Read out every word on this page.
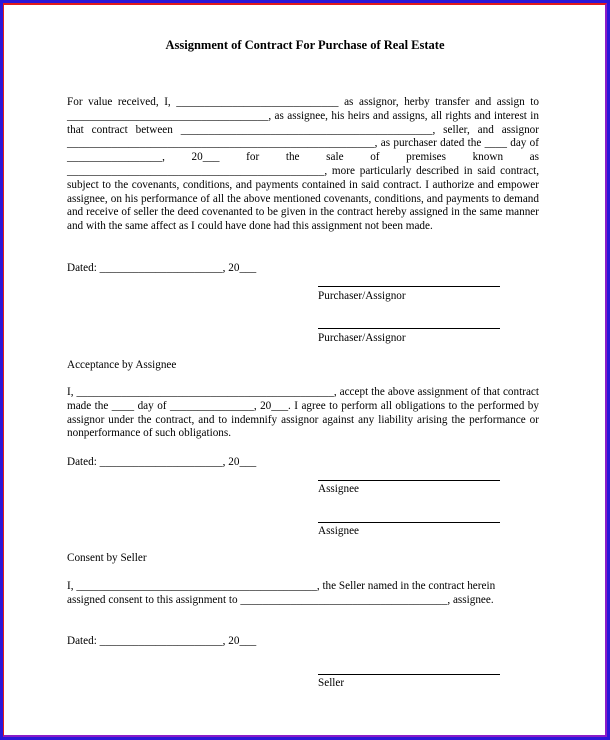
Assignment of Contract For Purchase of Real Estate
For value received, I, _____________________________ as assignor, herby transfer and assign to ____________________________________, as assignee, his heirs and assigns, all rights and interest in that contract between _____________________________________________, seller, and assignor _______________________________________________________, as purchaser dated the ____ day of _________________, 20___ for the sale of premises known as ______________________________________________, more particularly described in said contract, subject to the covenants, conditions, and payments contained in said contract. I authorize and empower assignee, on his performance of all the above mentioned covenants, conditions, and payments to demand and receive of seller the deed covenanted to be given in the contract hereby assigned in the same manner and with the same affect as I could have done had this assignment not been made.
Dated: ______________________, 20___
Purchaser/Assignor
Purchaser/Assignor
Acceptance by Assignee
I, ______________________________________________, accept the above assignment of that contract made the ____ day of _______________, 20___. I agree to perform all obligations to the performed by assignor under the contract, and to indemnify assignor against any liability arising the performance or nonperformance of such obligations.
Dated: ______________________, 20___
Assignee
Assignee
Consent by Seller
I, ___________________________________________, the Seller named in the contract herein
assigned consent to this assignment to _____________________________________, assignee.
Dated: ______________________, 20___
Seller
